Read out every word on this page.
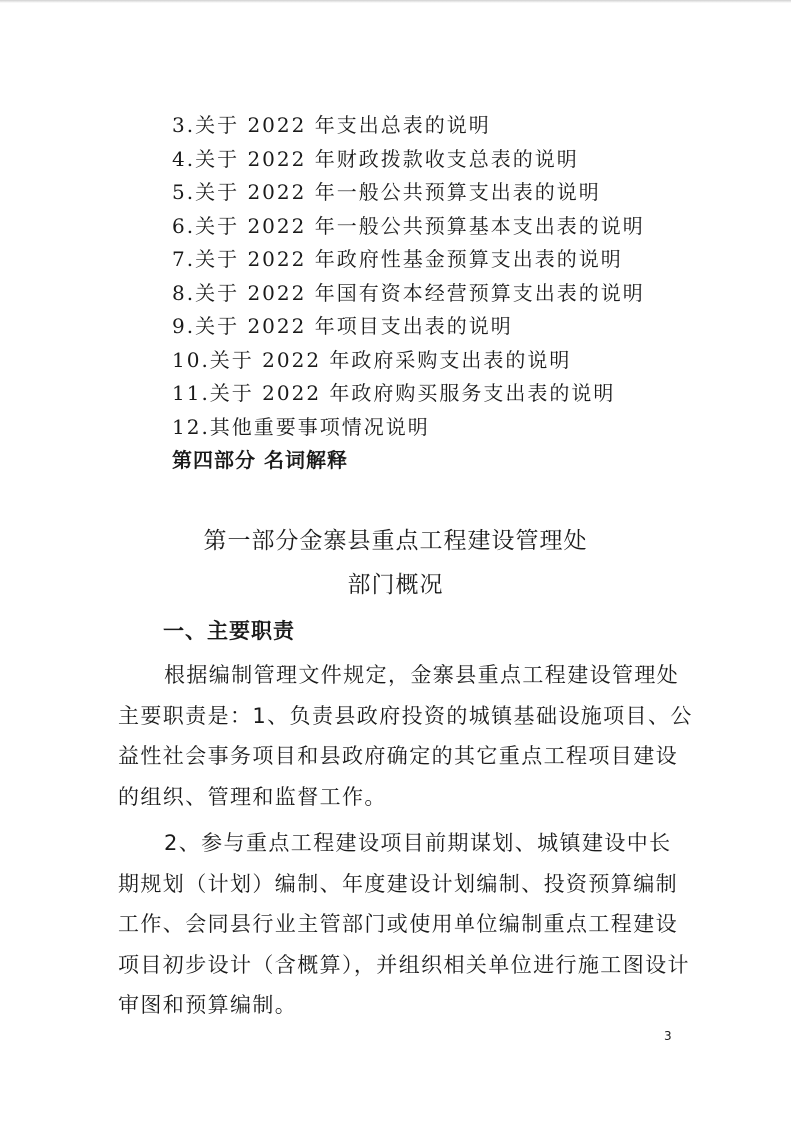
3.关于 2022 年支出总表的说明
4.关于 2022 年财政拨款收支总表的说明
5.关于 2022 年一般公共预算支出表的说明
6.关于 2022 年一般公共预算基本支出表的说明
7.关于 2022 年政府性基金预算支出表的说明
8.关于 2022 年国有资本经营预算支出表的说明
9.关于 2022 年项目支出表的说明
10.关于 2022 年政府采购支出表的说明
11.关于 2022 年政府购买服务支出表的说明
12.其他重要事项情况说明
第四部分 名词解释
第一部分金寨县重点工程建设管理处
部门概况
一、主要职责

根据编制管理文件规定，金寨县重点工程建设管理处主要职责是：1、负责县政府投资的城镇基础设施项目、公益性社会事务项目和县政府确定的其它重点工程项目建设的组织、管理和监督工作。

2、参与重点工程建设项目前期谋划、城镇建设中长期规划（计划）编制、年度建设计划编制、投资预算编制工作、会同县行业主管部门或使用单位编制重点工程建设项目初步设计（含概算），并组织相关单位进行施工图设计审图和预算编制。

3
